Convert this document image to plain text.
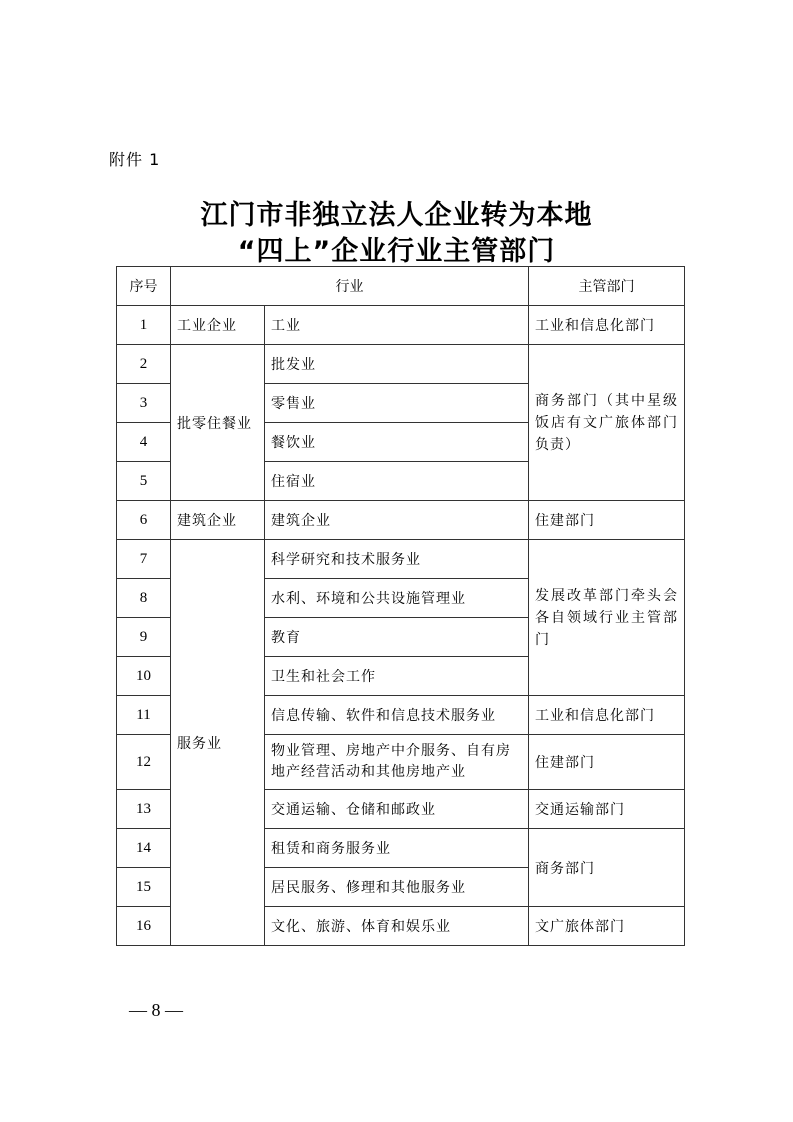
附件 1
江门市非独立法人企业转为本地
“四上”企业行业主管部门
序号	行业		主管部门
1	工业企业	工业	工业和信息化部门
2	批零住餐业	批发业	商务部门（其中星级饭店有文广旅体部门负责）
3		零售业	
4		餐饮业	
5		住宿业	
6	建筑企业	建筑企业	住建部门
7	服务业	科学研究和技术服务业	发展改革部门牵头会各自领域行业主管部门
8		水利、环境和公共设施管理业	
9		教育	
10		卫生和社会工作	
11		信息传输、软件和信息技术服务业	工业和信息化部门
12		物业管理、房地产中介服务、自有房地产经营活动和其他房地产业	住建部门
13		交通运输、仓储和邮政业	交通运输部门
14		租赁和商务服务业	商务部门
15		居民服务、修理和其他服务业	
16		文化、旅游、体育和娱乐业	文广旅体部门
— 8 —
